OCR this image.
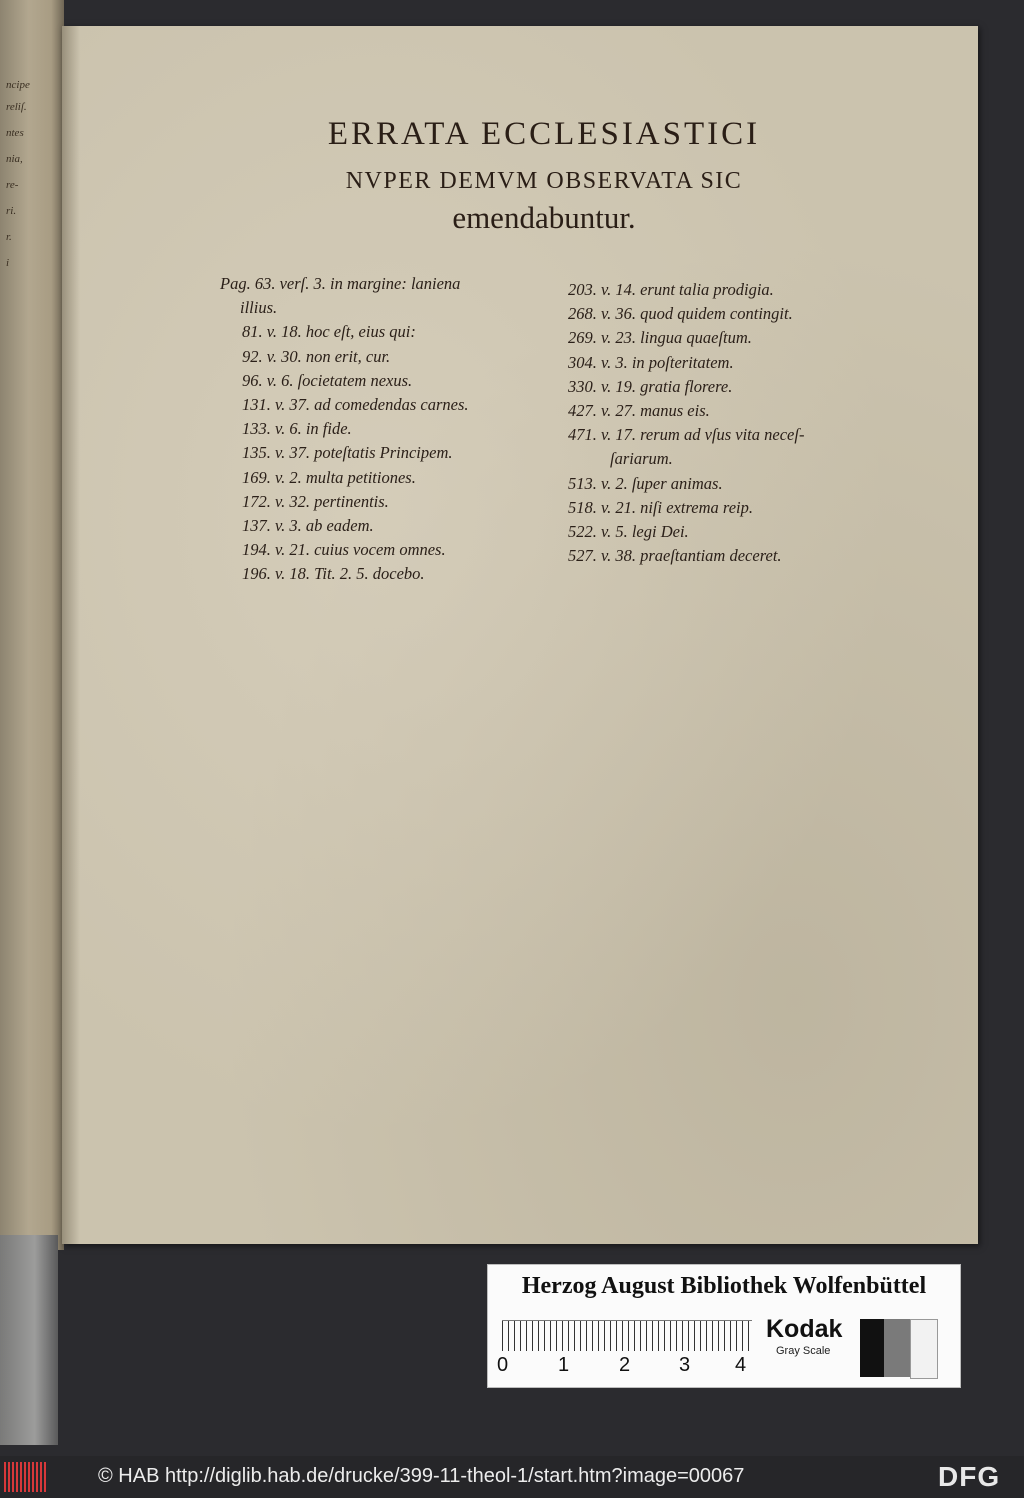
ncipe
reliſ.
ntes
nia,
re-
ri.
r.
i
ERRATA ECCLESIASTICI
NVPER DEMVM OBSERVATA SIC
emendabuntur.
Pag. 63. verſ. 3. in margine: laniena
illius.
81. v. 18. hoc eſt, eius qui:
92. v. 30. non erit, cur.
96. v. 6. ſocietatem nexus.
131. v. 37. ad comedendas carnes.
133. v. 6. in fide.
135. v. 37. poteſtatis Principem.
169. v. 2. multa petitiones.
172. v. 32. pertinentis.
137. v. 3. ab eadem.
194. v. 21. cuius vocem omnes.
196. v. 18. Tit. 2. 5. docebo.
203. v. 14. erunt talia prodigia.
268. v. 36. quod quidem contingit.
269. v. 23. lingua quaeſtum.
304. v. 3. in poſteritatem.
330. v. 19. gratia florere.
427. v. 27. manus eis.
471. v. 17. rerum ad vſus vita neceſ-
ſariarum.
513. v. 2. ſuper animas.
518. v. 21. niſi extrema reip.
522. v. 5. legi Dei.
527. v. 38. praeſtantiam deceret.
Herzog August Bibliothek Wolfenbüttel
0 1 2 3 4
Kodak
Gray Scale
© HAB http://diglib.hab.de/drucke/399-11-theol-1/start.htm?image=00067	DFG
